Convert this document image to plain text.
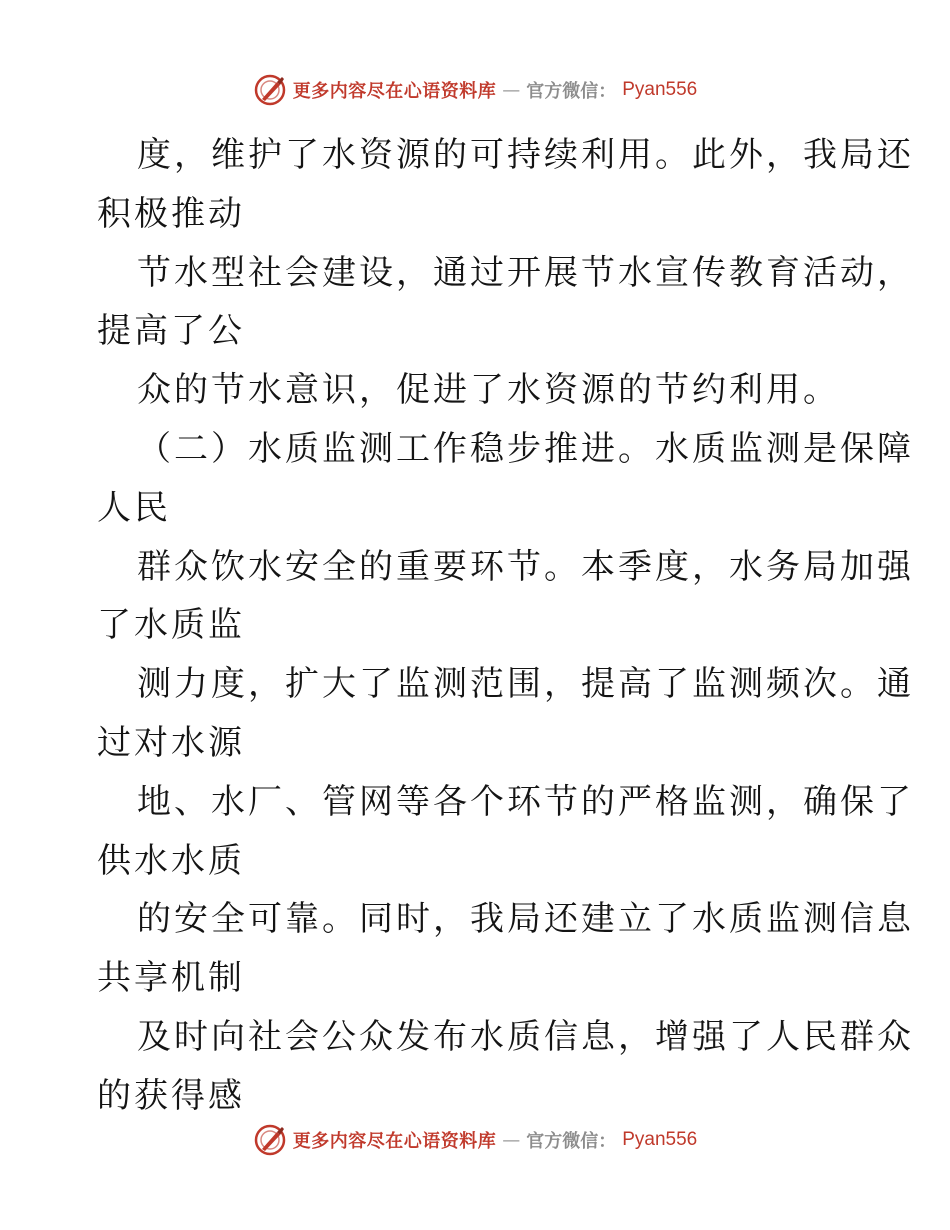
更多内容尽在心语资料库 — 官方微信： Pyan556
度，维护了水资源的可持续利用。此外，我局还
积极推动
节水型社会建设，通过开展节水宣传教育活动，
提高了公
众的节水意识，促进了水资源的节约利用。
（二）水质监测工作稳步推进。水质监测是保障
人民
群众饮水安全的重要环节。本季度，水务局加强
了水质监
测力度，扩大了监测范围，提高了监测频次。通
过对水源
地、水厂、管网等各个环节的严格监测，确保了
供水水质
的安全可靠。同时，我局还建立了水质监测信息
共享机制
及时向社会公众发布水质信息，增强了人民群众
的获得感
更多内容尽在心语资料库 — 官方微信： Pyan556
